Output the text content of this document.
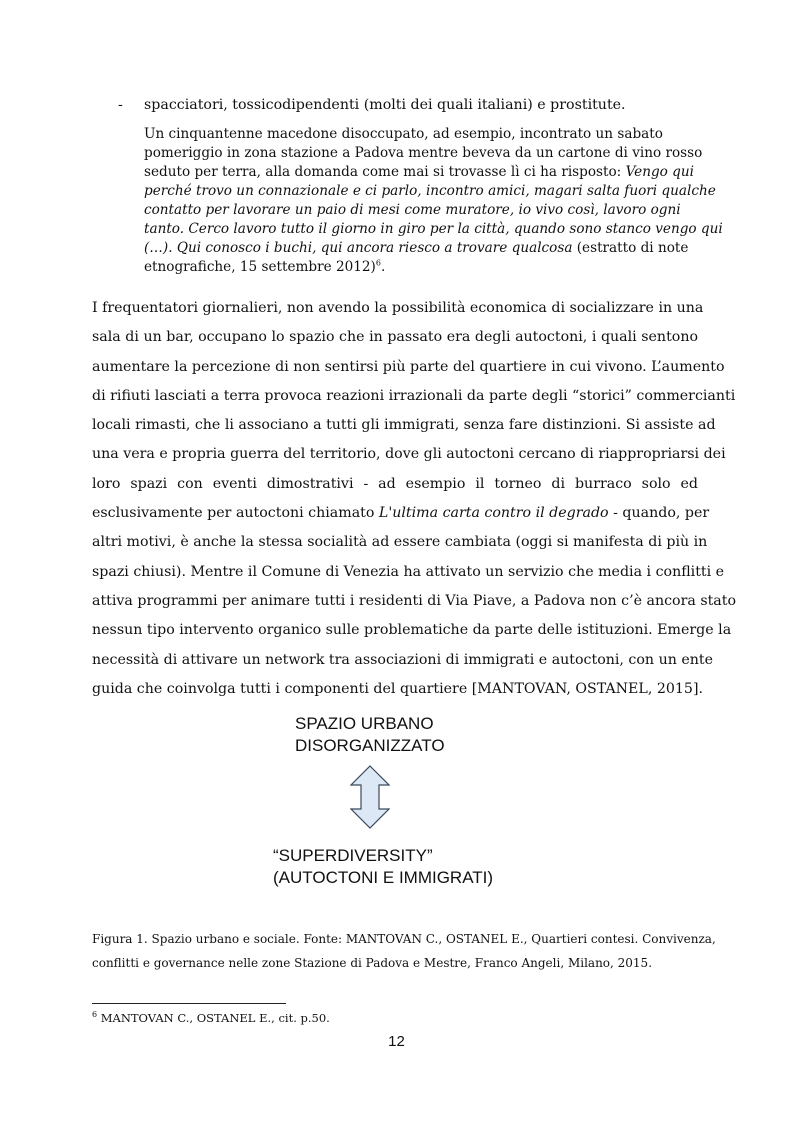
- spacciatori, tossicodipendenti (molti dei quali italiani) e prostitute.
Un cinquantenne macedone disoccupato, ad esempio, incontrato un sabato
pomeriggio in zona stazione a Padova mentre beveva da un cartone di vino rosso
seduto per terra, alla domanda come mai si trovasse lì ci ha risposto: Vengo qui
perché trovo un connazionale e ci parlo, incontro amici, magari salta fuori qualche
contatto per lavorare un paio di mesi come muratore, io vivo così, lavoro ogni
tanto. Cerco lavoro tutto il giorno in giro per la città, quando sono stanco vengo qui
(…). Qui conosco i buchi, qui ancora riesco a trovare qualcosa (estratto di note
etnografiche, 15 settembre 2012)$^6$.
I frequentatori giornalieri, non avendo la possibilità economica di socializzare in una
sala di un bar, occupano lo spazio che in passato era degli autoctoni, i quali sentono
aumentare la percezione di non sentirsi più parte del quartiere in cui vivono. L’aumento
di rifiuti lasciati a terra provoca reazioni irrazionali da parte degli “storici” commercianti
locali rimasti, che li associano a tutti gli immigrati, senza fare distinzioni. Si assiste ad
una vera e propria guerra del territorio, dove gli autoctoni cercano di riappropriarsi dei
loro spazi con eventi dimostrativi - ad esempio il torneo di burraco solo ed
esclusivamente per autoctoni chiamato L'ultima carta contro il degrado - quando, per
altri motivi, è anche la stessa socialità ad essere cambiata (oggi si manifesta di più in
spazi chiusi). Mentre il Comune di Venezia ha attivato un servizio che media i conflitti e
attiva programmi per animare tutti i residenti di Via Piave, a Padova non c’è ancora stato
nessun tipo intervento organico sulle problematiche da parte delle istituzioni. Emerge la
necessità di attivare un network tra associazioni di immigrati e autoctoni, con un ente
guida che coinvolga tutti i componenti del quartiere [MANTOVAN, OSTANEL, 2015].
SPAZIO URBANO
DISORGANIZZATO
“SUPERDIVERSITY”
(AUTOCTONI E IMMIGRATI)
Figura 1. Spazio urbano e sociale. Fonte: MANTOVAN C., OSTANEL E., Quartieri contesi. Convivenza,
conflitti e governance nelle zone Stazione di Padova e Mestre, Franco Angeli, Milano, 2015.
$^6$ MANTOVAN C., OSTANEL E., cit. p.50.
12
